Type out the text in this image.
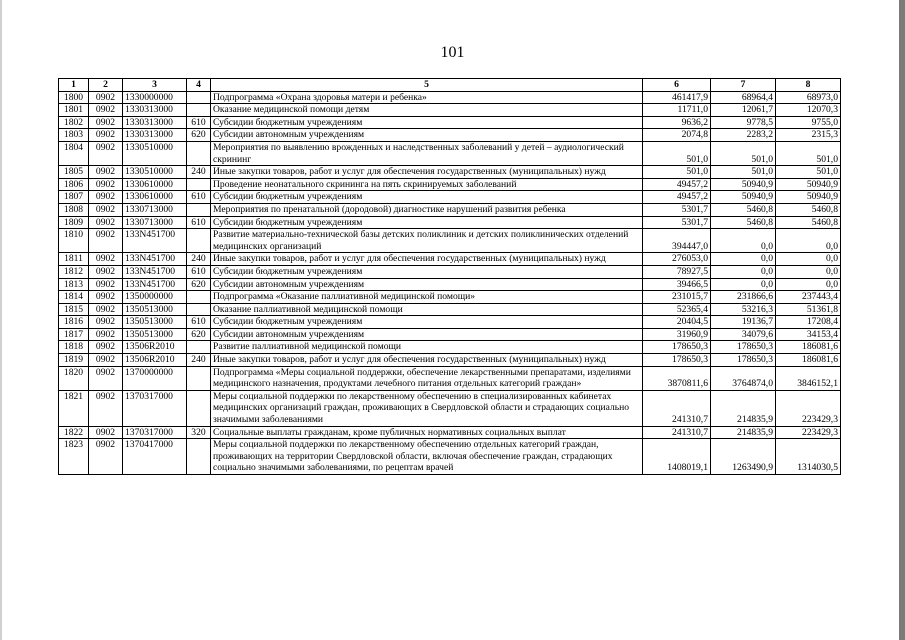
101
1	2	3	4	5	6	7	8
1800	0902	1330000000		Подпрограмма «Охрана здоровья матери и ребенка»	461417,9	68964,4	68973,0
1801	0902	1330313000		Оказание медицинской помощи детям	11711,0	12061,7	12070,3
1802	0902	1330313000	610	Субсидии бюджетным учреждениям	9636,2	9778,5	9755,0
1803	0902	1330313000	620	Субсидии автономным учреждениям	2074,8	2283,2	2315,3
1804	0902	1330510000		Мероприятия по выявлению врожденных и наследственных заболеваний у детей – аудиологический скрининг	501,0	501,0	501,0
1805	0902	1330510000	240	Иные закупки товаров, работ и услуг для обеспечения государственных (муниципальных) нужд	501,0	501,0	501,0
1806	0902	1330610000		Проведение неонатального скрининга на пять скринируемых заболеваний	49457,2	50940,9	50940,9
1807	0902	1330610000	610	Субсидии бюджетным учреждениям	49457,2	50940,9	50940,9
1808	0902	1330713000		Мероприятия по пренатальной (дородовой) диагностике нарушений развития ребенка	5301,7	5460,8	5460,8
1809	0902	1330713000	610	Субсидии бюджетным учреждениям	5301,7	5460,8	5460,8
1810	0902	133N451700		Развитие материально-технической базы детских поликлиник и детских поликлинических отделений медицинских организаций	394447,0	0,0	0,0
1811	0902	133N451700	240	Иные закупки товаров, работ и услуг для обеспечения государственных (муниципальных) нужд	276053,0	0,0	0,0
1812	0902	133N451700	610	Субсидии бюджетным учреждениям	78927,5	0,0	0,0
1813	0902	133N451700	620	Субсидии автономным учреждениям	39466,5	0,0	0,0
1814	0902	1350000000		Подпрограмма «Оказание паллиативной медицинской помощи»	231015,7	231866,6	237443,4
1815	0902	1350513000		Оказание паллиативной медицинской помощи	52365,4	53216,3	51361,8
1816	0902	1350513000	610	Субсидии бюджетным учреждениям	20404,5	19136,7	17208,4
1817	0902	1350513000	620	Субсидии автономным учреждениям	31960,9	34079,6	34153,4
1818	0902	13506R2010		Развитие паллиативной медицинской помощи	178650,3	178650,3	186081,6
1819	0902	13506R2010	240	Иные закупки товаров, работ и услуг для обеспечения государственных (муниципальных) нужд	178650,3	178650,3	186081,6
1820	0902	1370000000		Подпрограмма «Меры социальной поддержки, обеспечение лекарственными препаратами, изделиями медицинского назначения, продуктами лечебного питания отдельных категорий граждан»	3870811,6	3764874,0	3846152,1
1821	0902	1370317000		Меры социальной поддержки по лекарственному обеспечению в специализированных кабинетах медицинских организаций граждан, проживающих в Свердловской области и страдающих социально значимыми заболеваниями	241310,7	214835,9	223429,3
1822	0902	1370317000	320	Социальные выплаты гражданам, кроме публичных нормативных социальных выплат	241310,7	214835,9	223429,3
1823	0902	1370417000		Меры социальной поддержки по лекарственному обеспечению отдельных категорий граждан, проживающих на территории Свердловской области, включая обеспечение граждан, страдающих социально значимыми заболеваниями, по рецептам врачей	1408019,1	1263490,9	1314030,5
